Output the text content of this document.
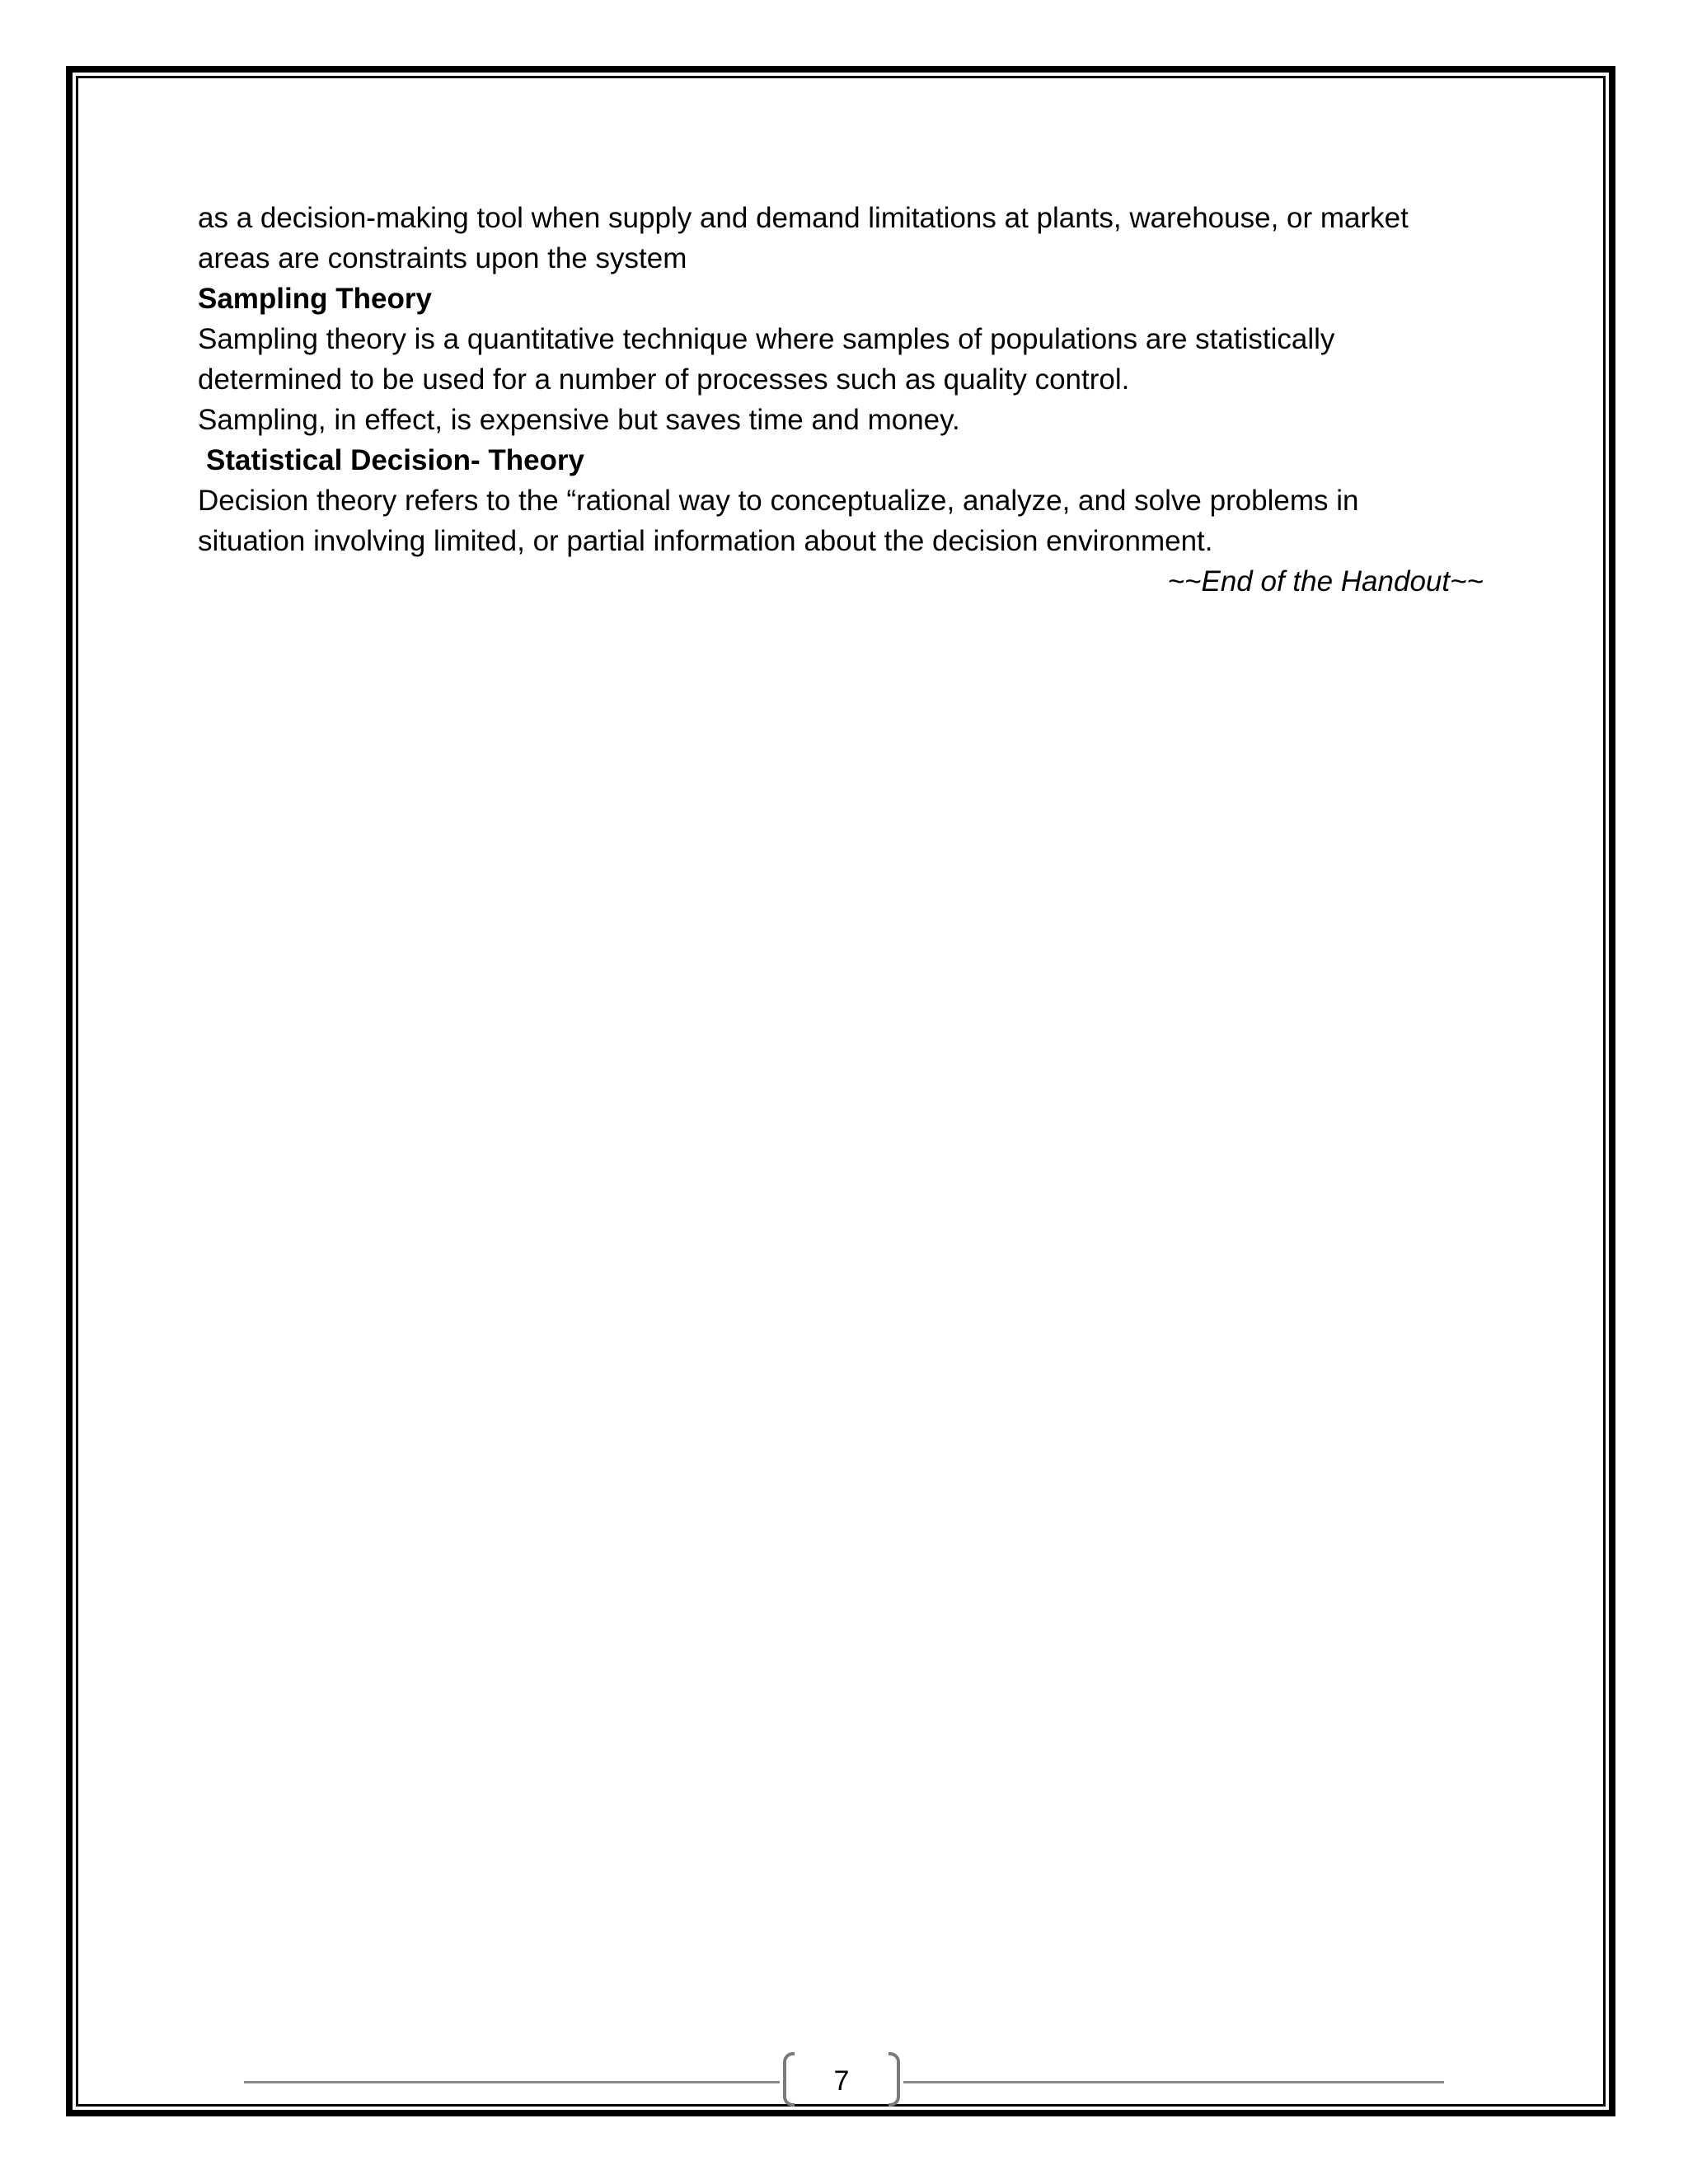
as a decision-making tool when supply and demand limitations at plants, warehouse, or market

areas are constraints upon the system

Sampling Theory

Sampling theory is a quantitative technique where samples of populations are statistically

determined to be used for a number of processes such as quality control.

Sampling, in effect, is expensive but saves time and money.

Statistical Decision- Theory

Decision theory refers to the “rational way to conceptualize, analyze, and solve problems in

situation involving limited, or partial information about the decision environment.

~~End of the Handout~~

7
